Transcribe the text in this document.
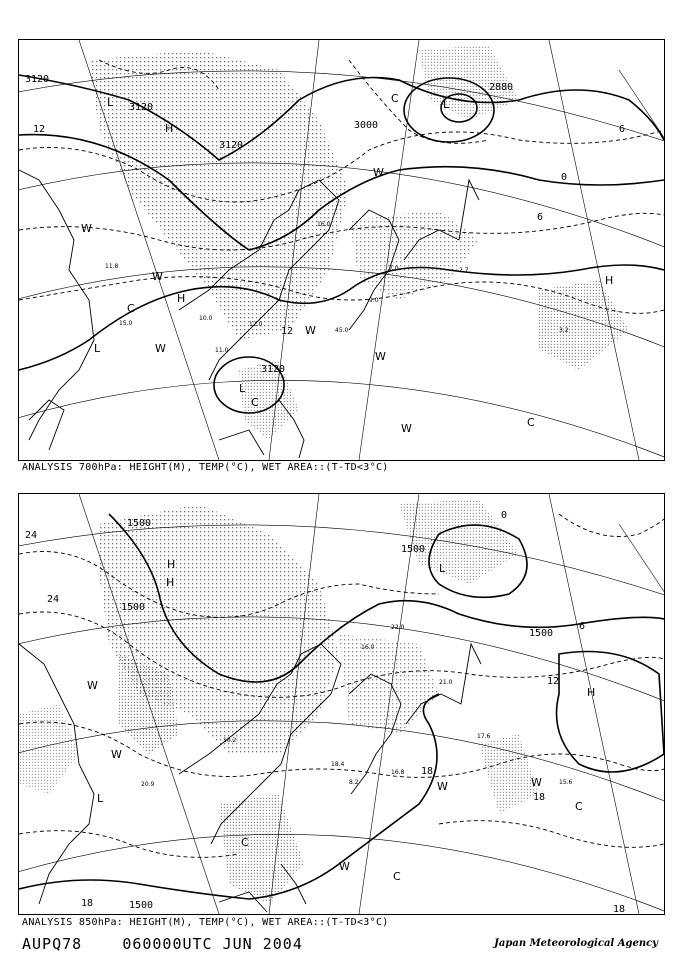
3120
3120
3120
3000
2880
3120
12
12
6
0
6
L
L
L
L
C
C
C
C
H
H
H
W
W
W
W
W
W
W
11.8
15.0
10.0
11.0
12.0
16.0
9.0
7.0
45.0	3.2
2.7
ANALYSIS 700hPa: HEIGHT(M), TEMP(°C), WET AREA::(T-TD<3°C)
1500
1500
1500
1500
1500
24
24
12
18
18
18
6
0
18
H
H
H	L
L
W
W
W
W
W
C
C
C
20.9
22.0
16.0
18.4
8.2
21.0
17.6
16.8
15.6
10.2
ANALYSIS 850hPa: HEIGHT(M), TEMP(°C), WET AREA::(T-TD<3°C)
AUPQ78	060000UTC JUN 2004	Japan Meteorological Agency
